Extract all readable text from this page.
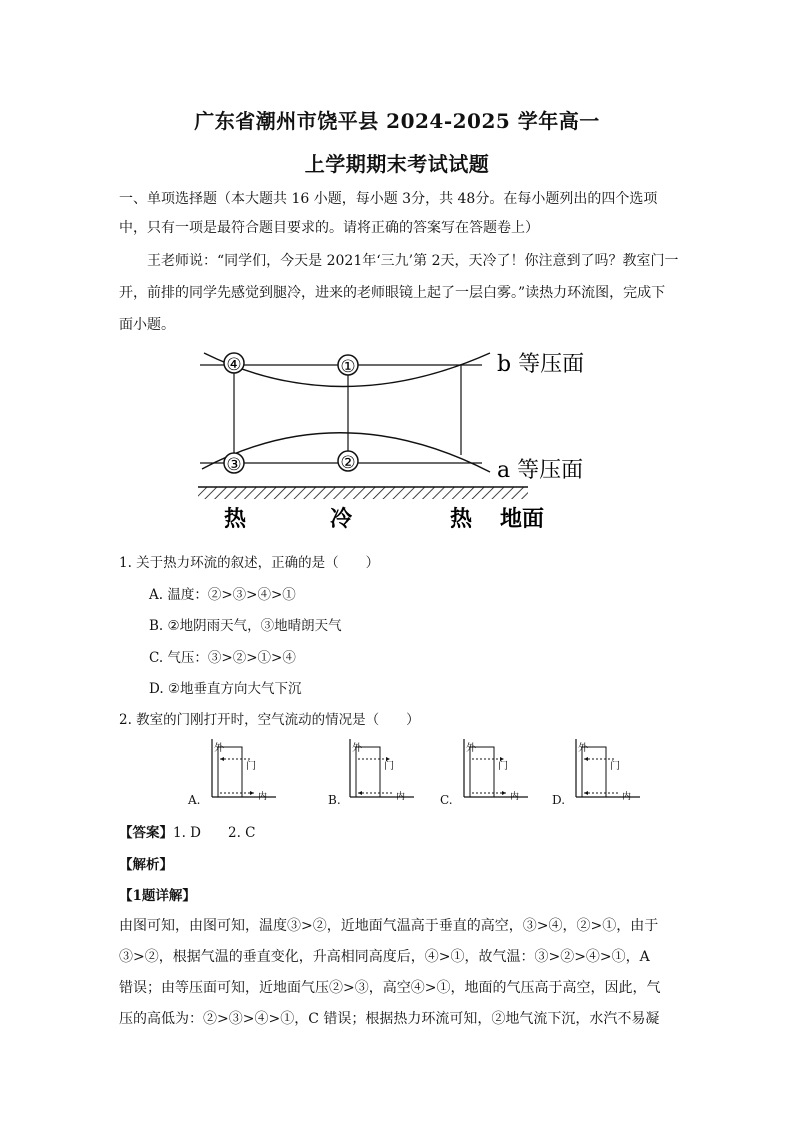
广东省潮州市饶平县 2024-2025 学年高一
上学期期末考试试题
一、单项选择题（本大题共 16 小题，每小题 3分，共 48分。在每小题列出的四个选项
中，只有一项是最符合题目要求的。请将正确的答案写在答题卷上）
王老师说：“同学们，今天是 2021年‘三九’第 2天，天冷了！你注意到了吗？教室门一
开，前排的同学先感觉到腿冷，进来的老师眼镜上起了一层白雾。”读热力环流图，完成下
面小题。
④	①
③	②
b 等压面
a 等压面
热	冷	热 地面
1. 关于热力环流的叙述，正确的是（　　）
A. 温度：②>③>④>①
B. ②地阴雨天气，③地晴朗天气
C. 气压：③>②>①>④
D. ②地垂直方向大气下沉
2. 教室的门刚打开时，空气流动的情况是（　　）
A.
外
门
内	B.
外
门
内	C.
外
门
内	D.
外
门
内
【答案】1. D　　2. C
【解析】
【1题详解】
由图可知，由图可知，温度③>②，近地面气温高于垂直的高空，③>④，②>①，由于
③>②，根据气温的垂直变化，升高相同高度后，④>①，故气温：③>②>④>①，A
错误；由等压面可知，近地面气压②>③，高空④>①，地面的气压高于高空，因此，气
压的高低为：②>③>④>①，C 错误；根据热力环流可知，②地气流下沉，水汽不易凝
